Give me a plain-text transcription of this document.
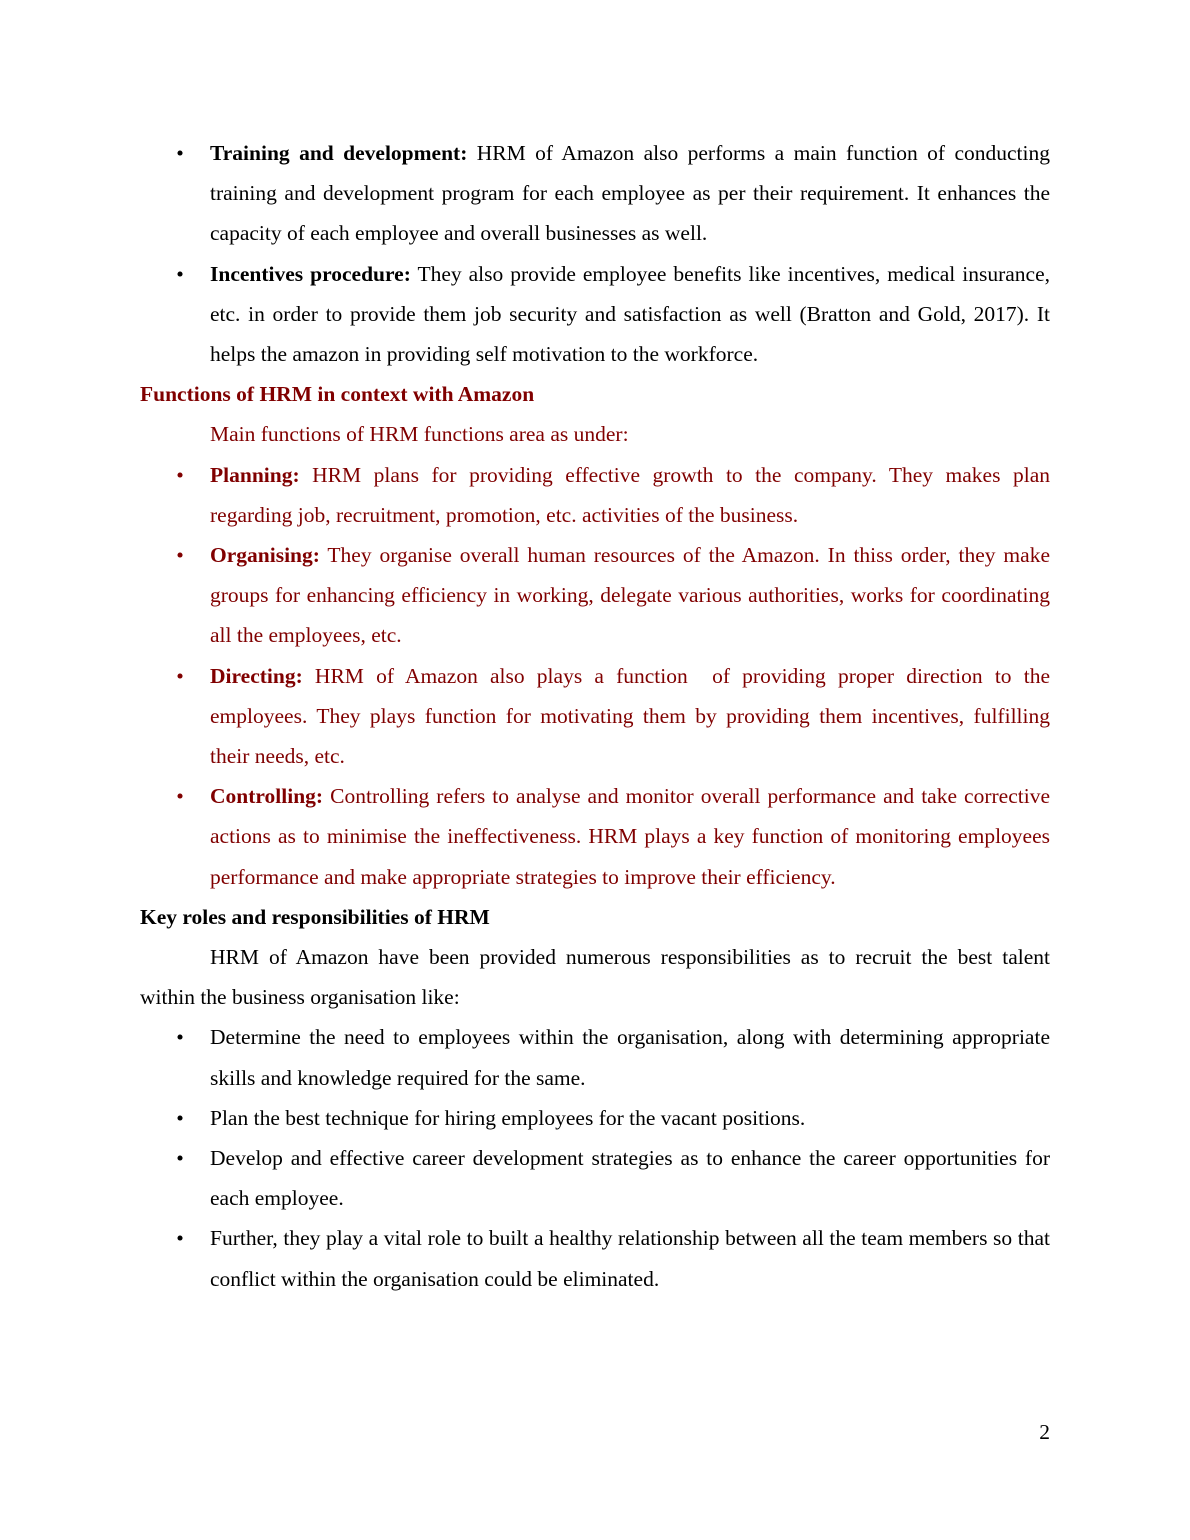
• Training and development: HRM of Amazon also performs a main function of conducting training and development program for each employee as per their requirement. It enhances the capacity of each employee and overall businesses as well.
• Incentives procedure: They also provide employee benefits like incentives, medical insurance, etc. in order to provide them job security and satisfaction as well (Bratton and Gold, 2017). It helps the amazon in providing self motivation to the workforce.

Functions of HRM in context with Amazon

Main functions of HRM functions area as under:

• Planning: HRM plans for providing effective growth to the company. They makes plan regarding job, recruitment, promotion, etc. activities of the business.
• Organising: They organise overall human resources of the Amazon. In thiss order, they make groups for enhancing efficiency in working, delegate various authorities, works for coordinating all the employees, etc.
• Directing: HRM of Amazon also plays a function  of providing proper direction to the employees. They plays function for motivating them by providing them incentives, fulfilling their needs, etc.
• Controlling: Controlling refers to analyse and monitor overall performance and take corrective actions as to minimise the ineffectiveness. HRM plays a key function of monitoring employees performance and make appropriate strategies to improve their efficiency.

Key roles and responsibilities of HRM

HRM of Amazon have been provided numerous responsibilities as to recruit the best talent within the business organisation like:

• Determine the need to employees within the organisation, along with determining appropriate skills and knowledge required for the same.
• Plan the best technique for hiring employees for the vacant positions.
• Develop and effective career development strategies as to enhance the career opportunities for each employee.
• Further, they play a vital role to built a healthy relationship between all the team members so that conflict within the organisation could be eliminated.
2
